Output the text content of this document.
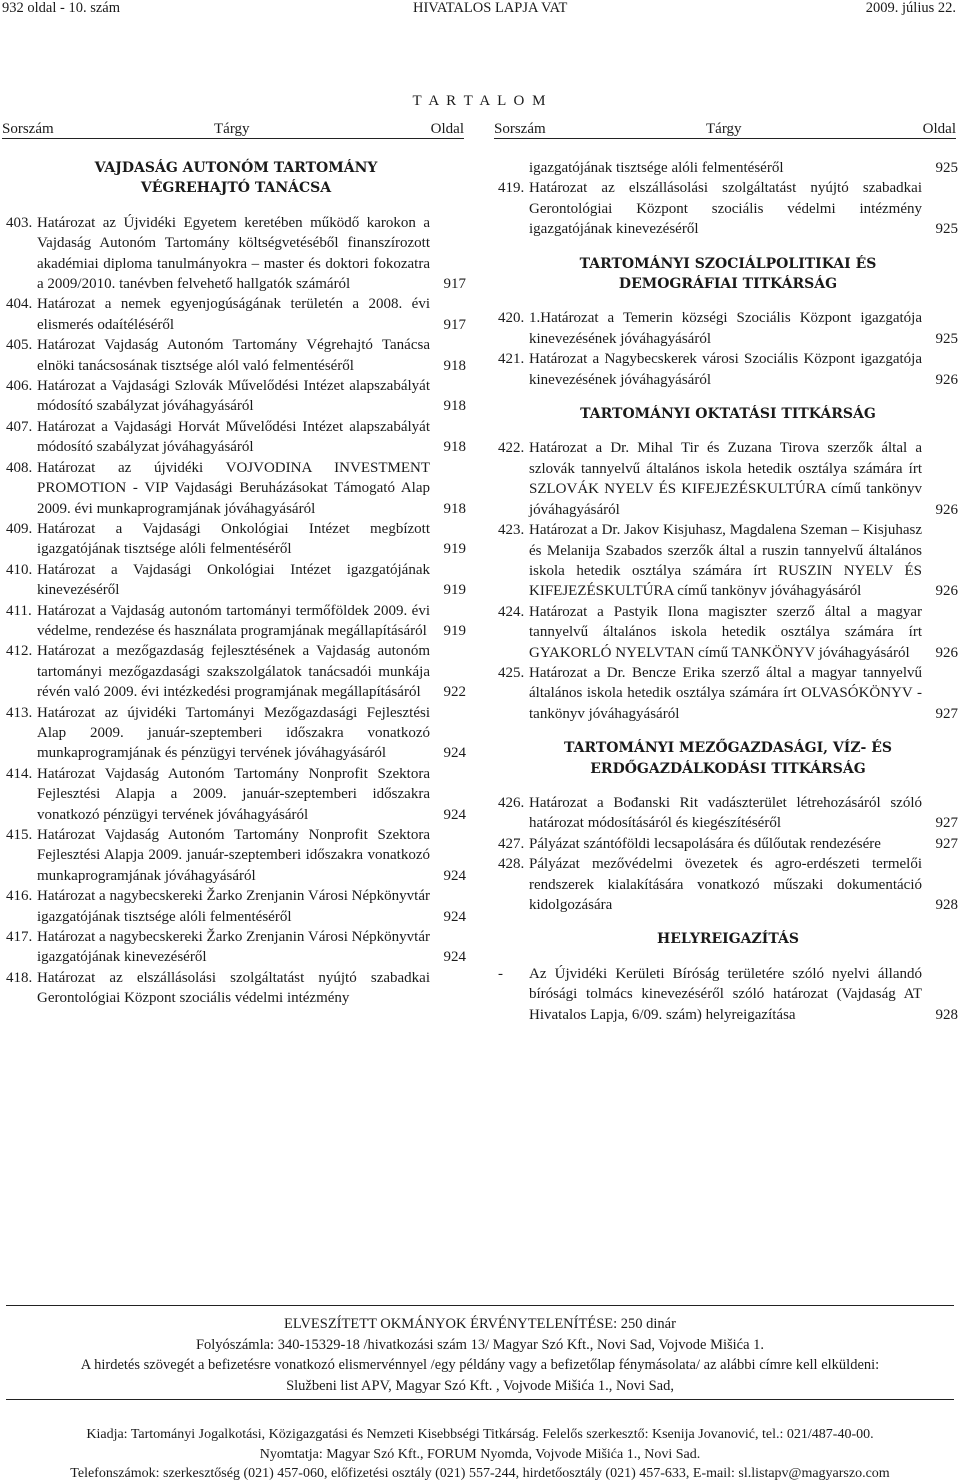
932 oldal - 10. szám	HIVATALOS LAPJA VAT	2009. július 22.
T A R T A L O M
Sorszám	Tárgy	Oldal Sorszám	Tárgy	Oldal
VAJDASÁG AUTONÓM TARTOMÁNY VÉGREHAJTÓ TANÁCSA
403. Határozat az Újvidéki Egyetem keretében működő karokon a Vajdaság Autonóm Tartomány költségvetéséből finanszírozott akadémiai diploma tanulmányokra – master és doktori fokozatra a 2009/2010. tanévben felvehető hallgatók számáról	917
404. Határozat a nemek egyenjogúságának területén a 2008. évi elismerés odaítéléséről	917
405. Határozat Vajdaság Autonóm Tartomány Végrehajtó Tanácsa elnöki tanácsosának tisztsége alól való felmentéséről	918
406. Határozat a Vajdasági Szlovák Művelődési Intézet alapszabályát módosító szabályzat jóváhagyásáról	918
407. Határozat a Vajdasági Horvát Művelődési Intézet alapszabályát módosító szabályzat jóváhagyásáról	918
408. Határozat az újvidéki VOJVODINA INVESTMENT PROMOTION - VIP Vajdasági Beruházásokat Támogató Alap 2009. évi munkaprogramjának jóváhagyásáról	918
409. Határozat a Vajdasági Onkológiai Intézet megbízott igazgatójának tisztsége alóli felmentéséről	919
410. Határozat a Vajdasági Onkológiai Intézet igazgatójának kinevezéséről	919
411. Határozat a Vajdaság autonóm tartományi termőföldek 2009. évi védelme, rendezése és használata programjának megállapításáról 919
412. Határozat a mezőgazdaság fejlesztésének a Vajdaság autonóm tartományi mezőgazdasági szakszolgálatok tanácsadói munkája révén való 2009. évi intézkedési programjának megállapításáról 922
413. Határozat az újvidéki Tartományi Mezőgazdasági Fejlesztési Alap 2009. január-szeptemberi időszakra vonatkozó munkaprogramjának és pénzügyi tervének jóváhagyásáról	924
414. Határozat Vajdaság Autonóm Tartomány Nonprofit Szektora Fejlesztési Alapja a 2009. január-szeptemberi időszakra vonatkozó pénzügyi tervének jóváhagyásáról	924
415. Határozat Vajdaság Autonóm Tartomány Nonprofit Szektora Fejlesztési Alapja 2009. január-szeptemberi időszakra vonatkozó munkaprogramjának jóváhagyásáról	924
416. Határozat a nagybecskereki Žarko Zrenjanin Városi Népkönyvtár igazgatójának tisztsége alóli felmentéséről	924
417. Határozat a nagybecskereki Žarko Zrenjanin Városi Népkönyvtár igazgatójának kinevezéséről	924
418. Határozat az elszállásolási szolgáltatást nyújtó szabadkai Gerontológiai Központ szociális védelmi intézmény
igazgatójának tisztsége alóli felmentéséről	925
419. Határozat az elszállásolási szolgáltatást nyújtó szabadkai Gerontológiai Központ szociális védelmi intézmény igazgatójának kinevezéséről	925
TARTOMÁNYI SZOCIÁLPOLITIKAI ÉS DEMOGRÁFIAI TITKÁRSÁG
420. 1.Határozat a Temerin községi Szociális Központ igazgatója kinevezésének jóváhagyásáról	925
421. Határozat a Nagybecskerek városi Szociális Központ igazgatója kinevezésének jóváhagyásáról	926
TARTOMÁNYI OKTATÁSI TITKÁRSÁG
422. Határozat a Dr. Mihal Tir és Zuzana Tirova szerzők által a szlovák tannyelvű általános iskola hetedik osztálya számára írt SZLOVÁK NYELV ÉS KIFEJEZÉSKULTÚRA című tankönyv jóváhagyásáról	926
423. Határozat a Dr. Jakov Kisjuhasz, Magdalena Szeman – Kisjuhasz és Melanija Szabados szerzők által a ruszin tannyelvű általános iskola hetedik osztálya számára írt RUSZIN NYELV ÉS KIFEJEZÉSKULTÚRA című tankönyv jóváhagyásáról	926
424. Határozat a Pastyik Ilona magiszter szerző által a magyar tannyelvű általános iskola hetedik osztálya számára írt GYAKORLÓ NYELVTAN című TANKÖNYV jóváhagyásáról 926
425. Határozat a Dr. Bencze Erika szerző által a magyar tannyelvű általános iskola hetedik osztálya számára írt OLVASÓKÖNYV - tankönyv jóváhagyásáról	927
TARTOMÁNYI MEZŐGAZDASÁGI, VÍZ- ÉS ERDŐGAZDÁLKODÁSI TITKÁRSÁG
426. Határozat a Bođanski Rit vadászterület létrehozásáról szóló határozat módosításáról és kiegészítéséről	927
427. Pályázat szántóföldi lecsapolására és dűlőutak rendezésére	927
428. Pályázat mezővédelmi övezetek és agro-erdészeti termelői rendszerek kialakítására vonatkozó műszaki dokumentáció kidolgozására	928
HELYREIGAZÍTÁS
- Az Újvidéki Kerületi Bíróság területére szóló nyelvi állandó bírósági tolmács kinevezéséről szóló határozat (Vajdaság AT Hivatalos Lapja, 6/09. szám) helyreigazítása	928
ELVESZÍTETT OKMÁNYOK ÉRVÉNYTELENÍTÉSE: 250 dinár
Folyószámla: 340-15329-18 /hivatkozási szám 13/ Magyar Szó Kft., Novi Sad, Vojvode Mišića 1.
A hirdetés szövegét a befizetésre vonatkozó elismervénnyel /egy példány vagy a befizetőlap fénymásolata/ az alábbi címre kell elküldeni:
Službeni list APV, Magyar Szó Kft. , Vojvode Mišića 1., Novi Sad,
Kiadja: Tartományi Jogalkotási, Közigazgatási és Nemzeti Kisebbségi Titkárság. Felelős szerkesztő: Ksenija Jovanović, tel.: 021/487-40-00.
Nyomtatja: Magyar Szó Kft., FORUM Nyomda, Vojvode Mišića 1., Novi Sad.
Telefonszámok: szerkesztőség (021) 457-060, előfizetési osztály (021) 557-244, hirdetőosztály (021) 457-633, E-mail: sl.listapv@magyarszo.com
